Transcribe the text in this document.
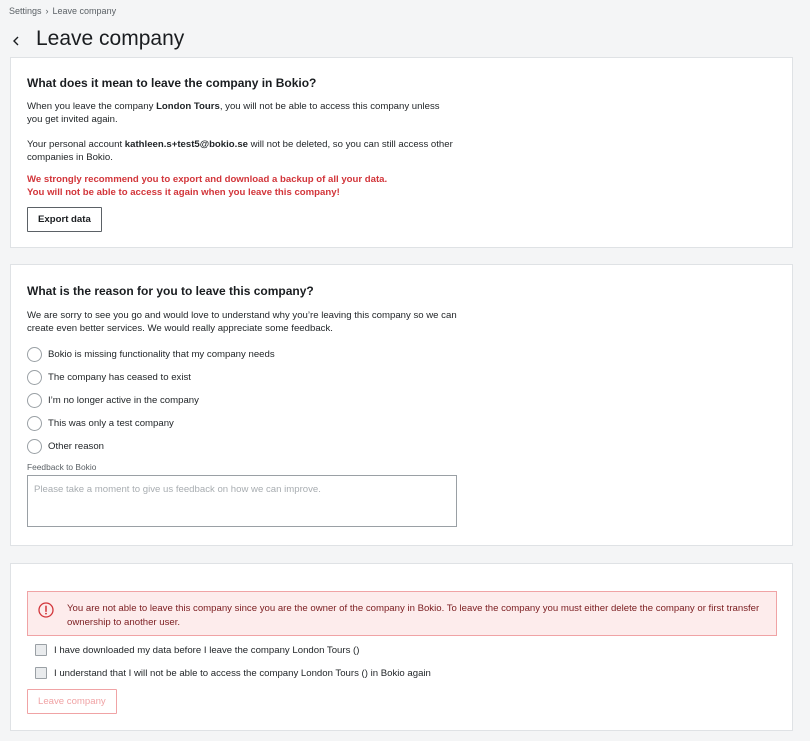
Settings › Leave company
Leave company
What does it mean to leave the company in Bokio?

When you leave the company London Tours, you will not be able to access this company unless you get invited again.

Your personal account kathleen.s+test5@bokio.se will not be deleted, so you can still access other companies in Bokio.

We strongly recommend you to export and download a backup of all your data.
You will not be able to access it again when you leave this company!

Export data
What is the reason for you to leave this company?

We are sorry to see you go and would love to understand why you’re leaving this company so we can create even better services. We would really appreciate some feedback.

Bokio is missing functionality that my company needs
The company has ceased to exist
I’m no longer active in the company
This was only a test company
Other reason
Feedback to Bokio
Please take a moment to give us feedback on how we can improve.
You are not able to leave this company since you are the owner of the company in Bokio. To leave the company you must either delete the company or first transfer ownership to another user.
I have downloaded my data before I leave the company London Tours ()
I understand that I will not be able to access the company London Tours () in Bokio again
Leave company
